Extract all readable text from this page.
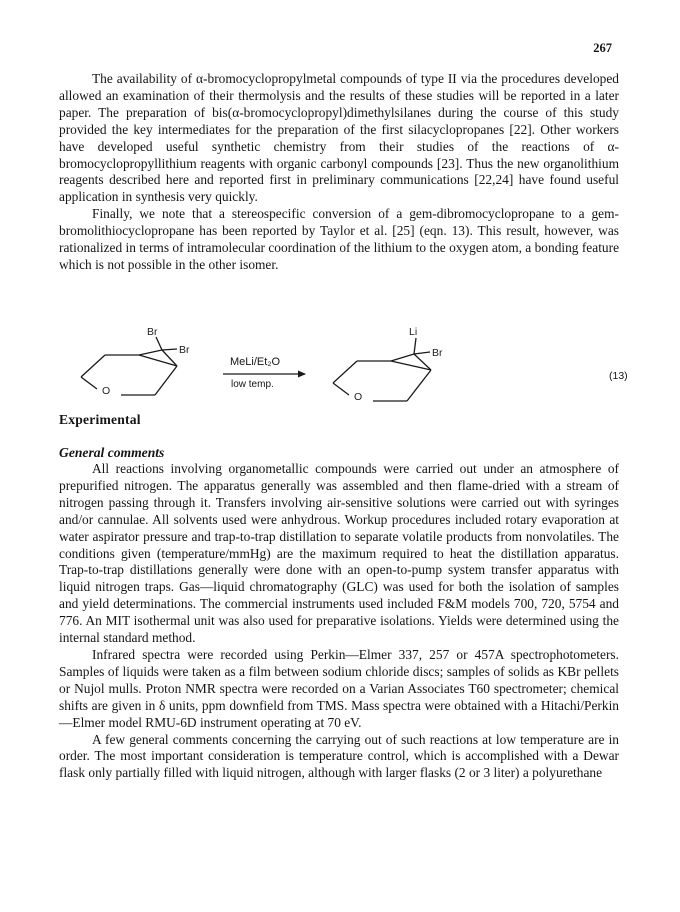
267

The availability of α-bromocyclopropylmetal compounds of type II via the procedures developed allowed an examination of their thermolysis and the results of these studies will be reported in a later paper. The preparation of bis(α-bromocyclopropyl)dimethylsilanes during the course of this study provided the key intermediates for the preparation of the first silacyclopropanes [22]. Other workers have developed useful synthetic chemistry from their studies of the reactions of α-bromocyclopropyllithium reagents with organic carbonyl compounds [23]. Thus the new organolithium reagents described here and reported first in preliminary communications [22,24] have found useful application in synthesis very quickly.

Finally, we note that a stereospecific conversion of a gem-dibromocyclopropane to a gem-bromolithiocyclopropane has been reported by Taylor et al. [25] (eqn. 13). This result, however, was rationalized in terms of intramolecular coordination of the lithium to the oxygen atom, a bonding feature which is not possible in the other isomer.

Br
Br
O
Li
Br
O
MeLi/Et₂O
low temp.
(13)
Experimental
General comments

All reactions involving organometallic compounds were carried out under an atmosphere of prepurified nitrogen. The apparatus generally was assembled and then flame-dried with a stream of nitrogen passing through it. Transfers involving air-sensitive solutions were carried out with syringes and/or cannulae. All solvents used were anhydrous. Workup procedures included rotary evaporation at water aspirator pressure and trap-to-trap distillation to separate volatile products from nonvolatiles. The conditions given (temperature/mmHg) are the maximum required to heat the distillation apparatus. Trap-to-trap distillations generally were done with an open-to-pump system transfer apparatus with liquid nitrogen traps. Gas—liquid chromatography (GLC) was used for both the isolation of samples and yield determinations. The commercial instruments used included F&M models 700, 720, 5754 and 776. An MIT isothermal unit was also used for preparative isolations. Yields were determined using the internal standard method.

Infrared spectra were recorded using Perkin—Elmer 337, 257 or 457A spectrophotometers. Samples of liquids were taken as a film between sodium chloride discs; samples of solids as KBr pellets or Nujol mulls. Proton NMR spectra were recorded on a Varian Associates T60 spectrometer; chemical shifts are given in δ units, ppm downfield from TMS. Mass spectra were obtained with a Hitachi/Perkin—Elmer model RMU-6D instrument operating at 70 eV.

A few general comments concerning the carrying out of such reactions at low temperature are in order. The most important consideration is temperature control, which is accomplished with a Dewar flask only partially filled with liquid nitrogen, although with larger flasks (2 or 3 liter) a polyurethane
